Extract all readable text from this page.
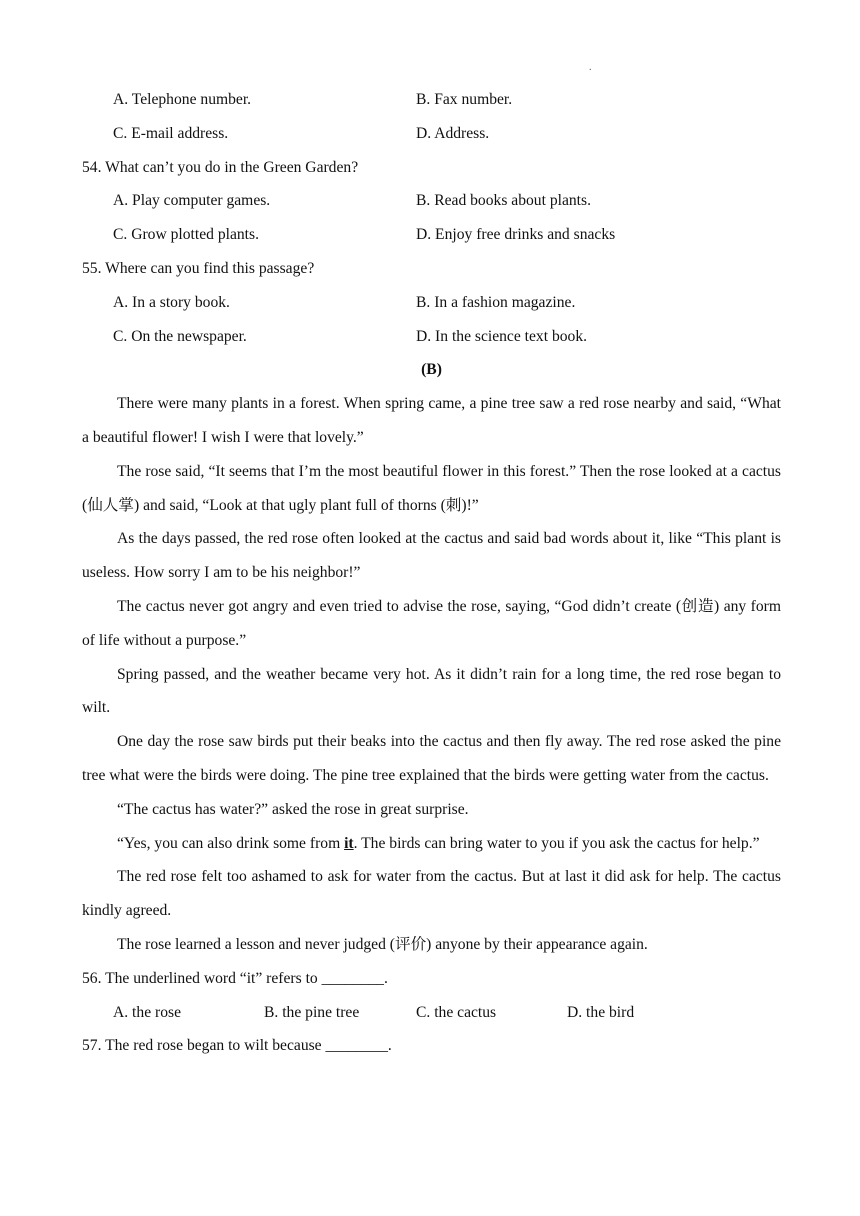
.
A. Telephone number.	B. Fax number.
C. E-mail address.	D. Address.
54. What can’t you do in the Green Garden?
A. Play computer games.	B. Read books about plants.
C. Grow plotted plants.	D. Enjoy free drinks and snacks
55. Where can you find this passage?
A. In a story book.	B. In a fashion magazine.
C. On the newspaper.	D. In the science text book.
(B)

There were many plants in a forest. When spring came, a pine tree saw a red rose nearby and said, “What a beautiful flower! I wish I were that lovely.”

The rose said, “It seems that I’m the most beautiful flower in this forest.” Then the rose looked at a cactus (仙人掌) and said, “Look at that ugly plant full of thorns (刺)!”

As the days passed, the red rose often looked at the cactus and said bad words about it, like “This plant is useless. How sorry I am to be his neighbor!”

The cactus never got angry and even tried to advise the rose, saying, “God didn’t create (创造) any form of life without a purpose.”

Spring passed, and the weather became very hot. As it didn’t rain for a long time, the red rose began to wilt.

One day the rose saw birds put their beaks into the cactus and then fly away. The red rose asked the pine tree what were the birds were doing. The pine tree explained that the birds were getting water from the cactus.

“The cactus has water?” asked the rose in great surprise.

“Yes, you can also drink some from it. The birds can bring water to you if you ask the cactus for help.”

The red rose felt too ashamed to ask for water from the cactus. But at last it did ask for help. The cactus kindly agreed.

The rose learned a lesson and never judged (评价) anyone by their appearance again.

56. The underlined word “it” refers to ________.
A. the rose	B. the pine tree	C. the cactus	D. the bird
57. The red rose began to wilt because ________.
